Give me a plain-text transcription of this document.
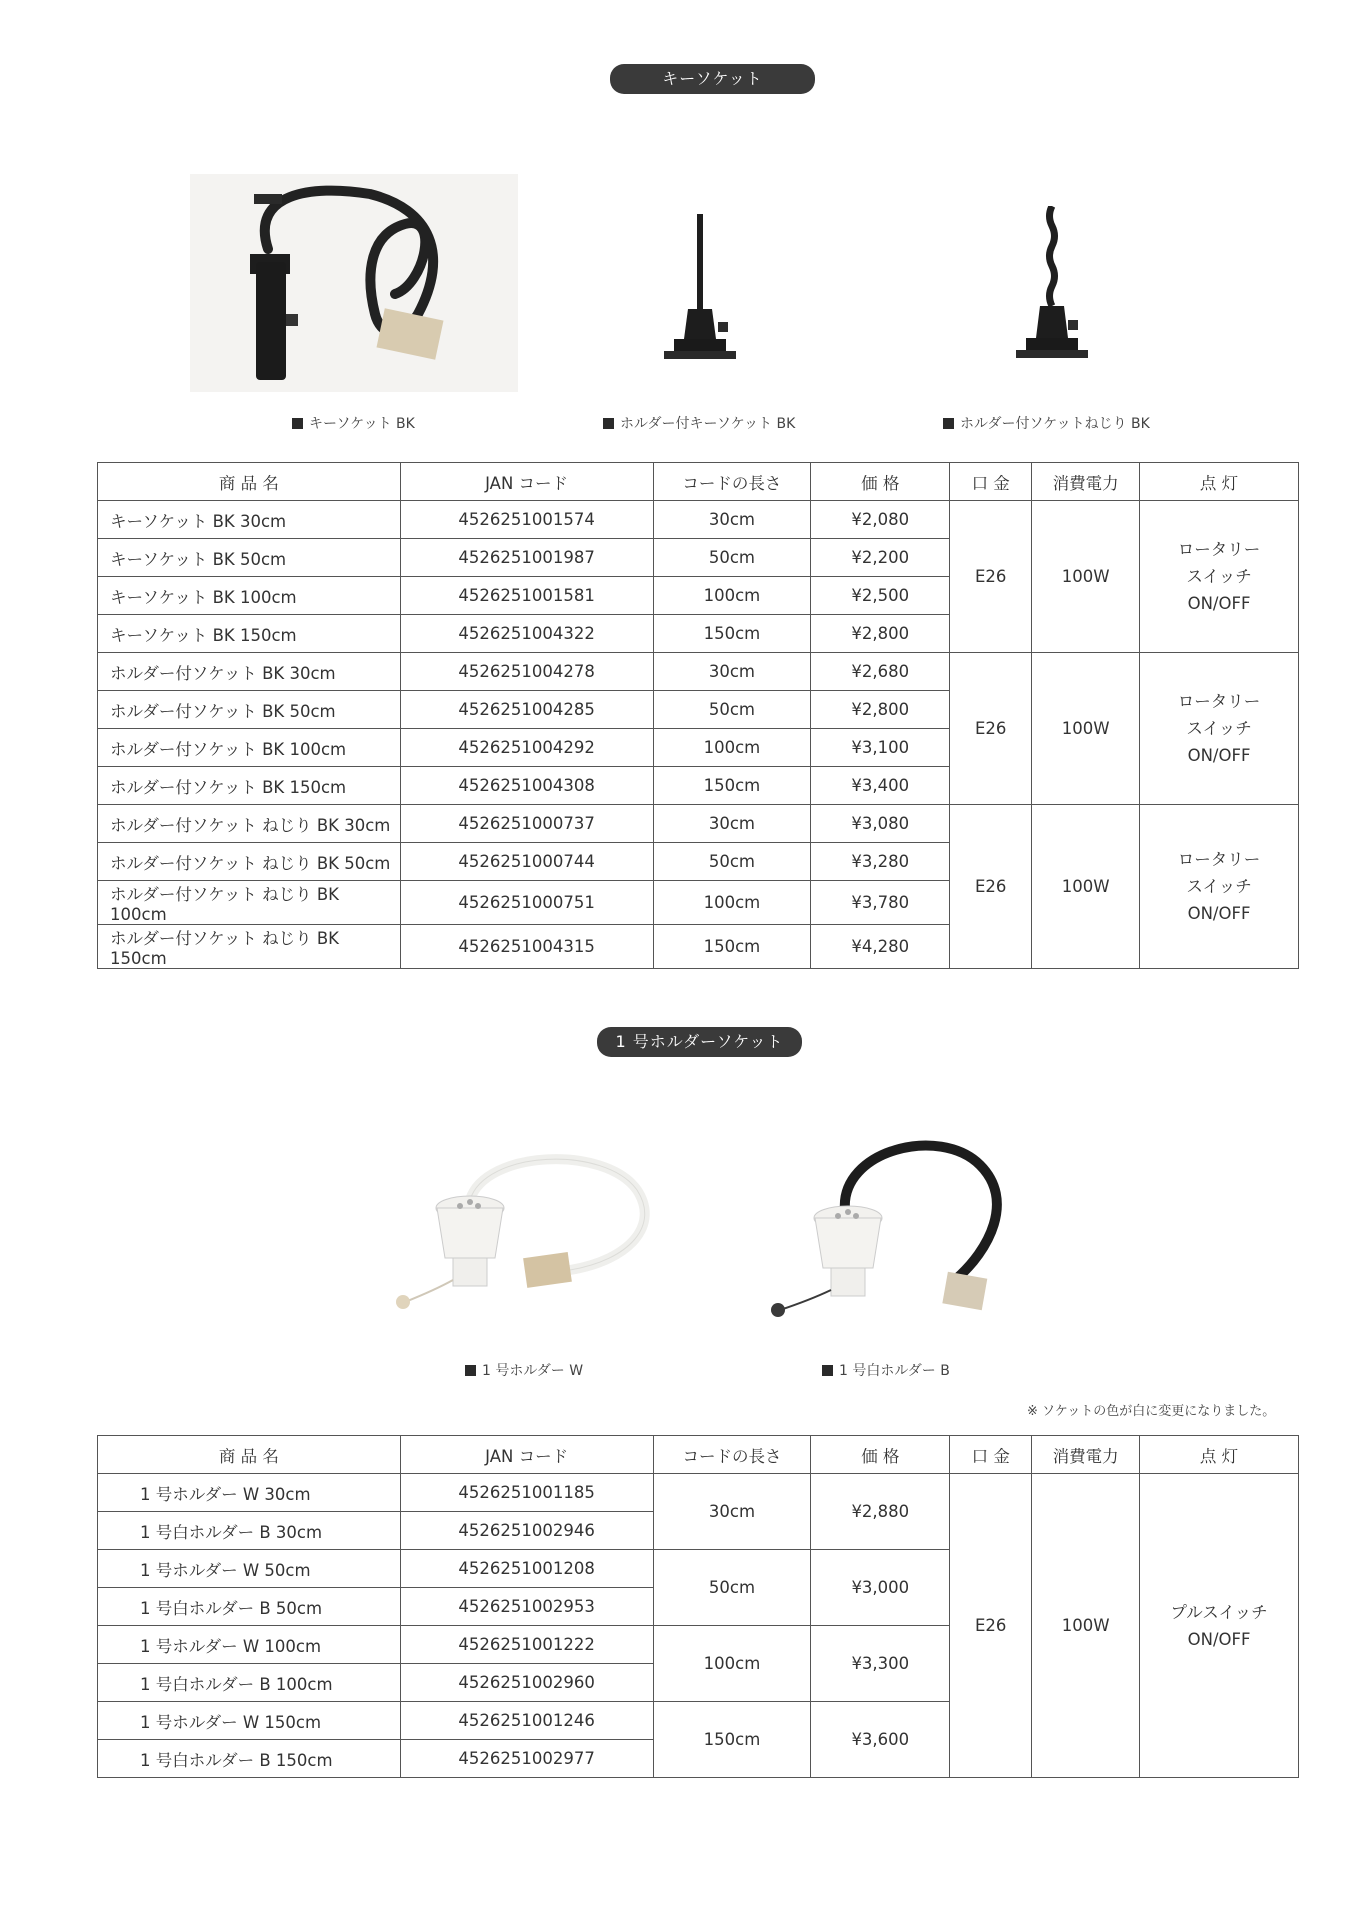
キーソケット
キーソケット BK	ホルダー付キーソケット BK	ホルダー付ソケットねじり BK
商 品 名	JAN コード	コードの長さ	価 格	口 金	消費電力	点 灯
キーソケット BK 30cm	4526251001574	30cm	¥2,080	E26	100W	ロータリー
スイッチ
ON/OFF

キーソケット BK 50cm	4526251001987	50cm	¥2,200			
キーソケット BK 100cm	4526251001581	100cm	¥2,500			
キーソケット BK 150cm	4526251004322	150cm	¥2,800			
ホルダー付ソケット BK 30cm	4526251004278	30cm	¥2,680	E26	100W	ロータリー
スイッチ
ON/OFF

ホルダー付ソケット BK 50cm	4526251004285	50cm	¥2,800			
ホルダー付ソケット BK 100cm	4526251004292	100cm	¥3,100			
ホルダー付ソケット BK 150cm	4526251004308	150cm	¥3,400			
ホルダー付ソケット ねじり BK 30cm	4526251000737	30cm	¥3,080	E26	100W	ロータリー
スイッチ
ON/OFF

ホルダー付ソケット ねじり BK 50cm	4526251000744	50cm	¥3,280			
ホルダー付ソケット ねじり BK 100cm	4526251000751	100cm	¥3,780			
ホルダー付ソケット ねじり BK 150cm	4526251004315	150cm	¥4,280			
1 号ホルダーソケット
1 号ホルダー W	1 号白ホルダー B
※ ソケットの色が白に変更になりました。
商 品 名	JAN コード	コードの長さ	価 格	口 金	消費電力	点 灯
1 号ホルダー W 30cm	4526251001185	30cm	¥2,880	E26	100W	プルスイッチ
ON/OFF

1 号白ホルダー B 30cm	4526251002946					
1 号ホルダー W 50cm	4526251001208	50cm	¥3,000			
1 号白ホルダー B 50cm	4526251002953					
1 号ホルダー W 100cm	4526251001222	100cm	¥3,300			
1 号白ホルダー B 100cm	4526251002960					
1 号ホルダー W 150cm	4526251001246	150cm	¥3,600			
1 号白ホルダー B 150cm	4526251002977					
